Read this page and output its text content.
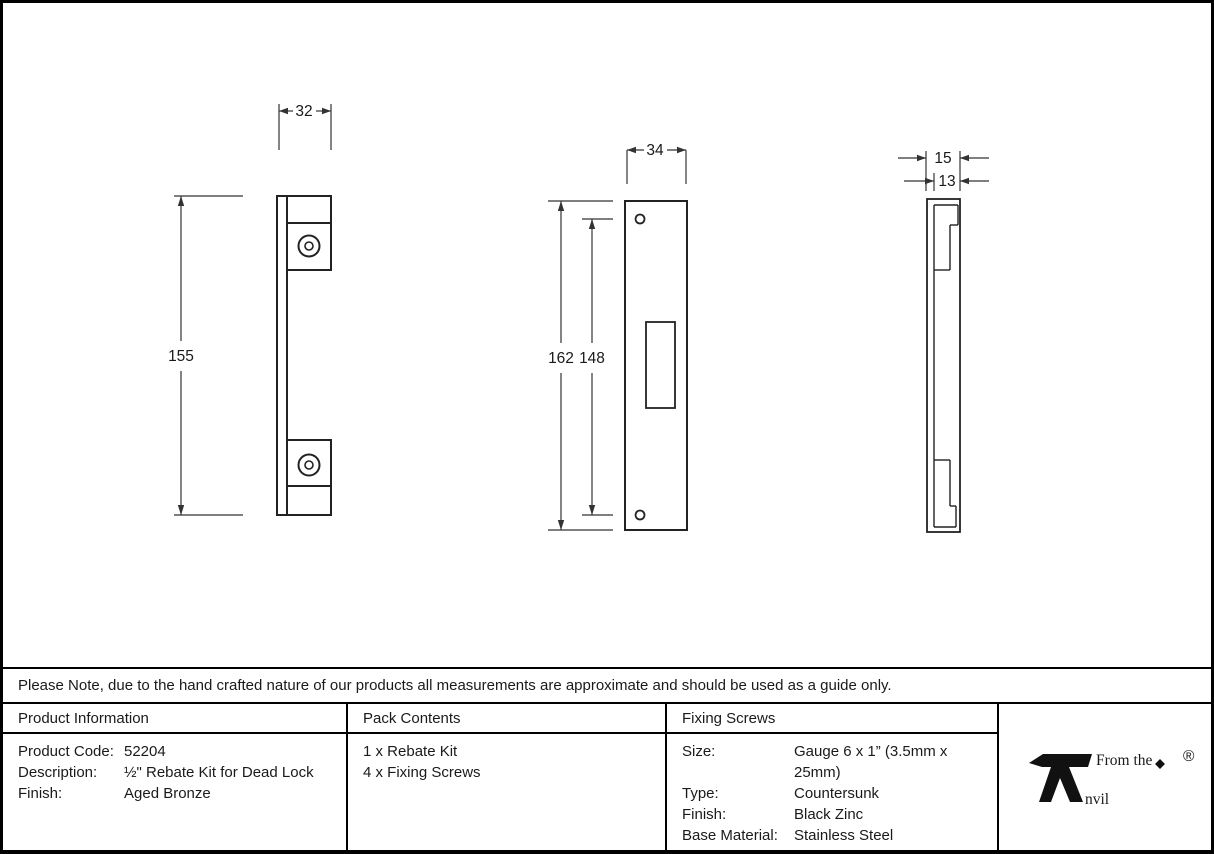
32
155
34
162 148
15
13
Please Note, due to the hand crafted nature of our products all measurements are approximate and should be used as a guide only.
Product Information	Pack Contents	Fixing Screws
From the
nvil
®
Product Code: 52204
Description:	½" Rebate Kit for Dead Lock
Finish:	Aged Bronze
1 x Rebate Kit
4 x Fixing Screws
Size:	Gauge 6 x 1” (3.5mm x 25mm)
Type:	Countersunk
Finish:	Black Zinc
Base Material:	Stainless Steel
